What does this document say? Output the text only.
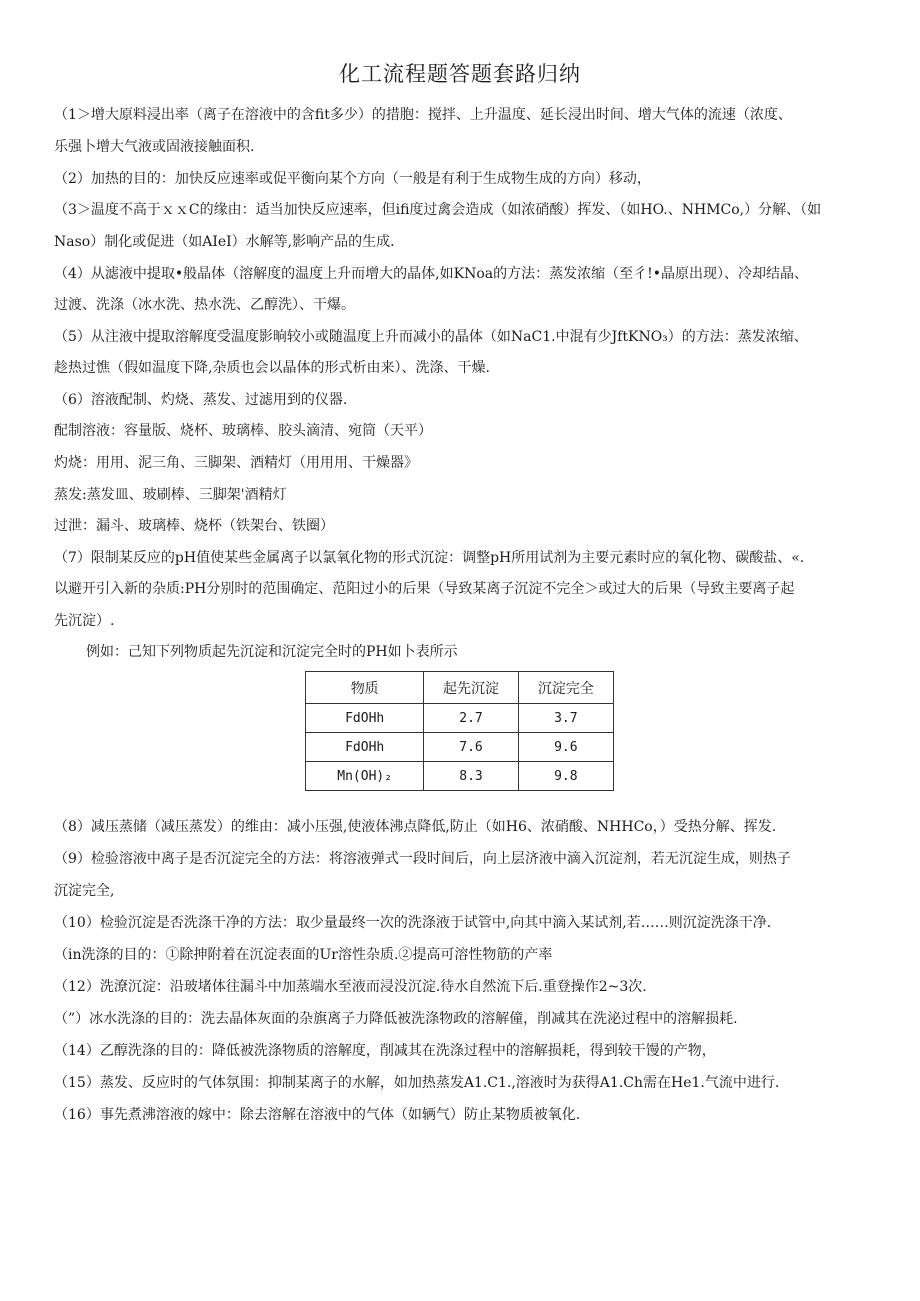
化工流程题答题套路归纳
（1＞增大原料浸出率（离子在溶液中的含fit多少）的措胞：搅拌、上升温度、延长浸出时间、增大气体的流速（浓度、
乐强卜增大气液或固液接触面积.
（2）加热的目的：加快反应速率或促平衡向某个方向（一般是有利于生成物生成的方向）移动，
（3＞温度不高于ｘｘC的缘由：适当加快反应速率，但ifi度过禽会造成（如浓硝酸）挥发、（如HO.、NHMCo,）分解、（如
Naso）制化或促进（如AIeI）水解等,影响产品的生成.
（4）从滤液中提取•般晶体（溶解度的温度上升而增大的晶体,如KNoa的方法：蒸发浓缩（至彳!•晶原出现）、冷却结晶、
过渡、洗涤（冰水洗、热水洗、乙醇洗）、干爆。
（5）从注液中提取溶解度受温度影晌较小或随温度上升而减小的晶体（如NaC1.中混有少JftKNO₃）的方法：蒸发浓缩、
趁热过憔（假如温度下降,杂质也会以晶体的形式析由来）、洗涤、干燥.
（6）溶液配制、灼烧、蒸发、过滤用到的仪器.
配制溶液：容量版、烧杯、玻璃棒、胶头滴清、宛筒（天平）
灼烧：用用、泥三角、三脚架、酒精灯（用用用、干燥器》
蒸发:蒸发皿、玻刷棒、三脚架'酒精灯
过泄：漏斗、玻璃棒、烧杯（铁架台、铁圈）
（7）限制某反应的pH值使某些金属离子以氯氧化物的形式沉淀：调整pH所用试剂为主要元素时应的氧化物、碳酸盐、«.
以避开引入新的杂质:PH分别时的范围确定、范阳过小的后果（导致某离子沉淀不完全＞或过大的后果（导致主要离子起
先沉淀）.
例如：己知下列物质起先沉淀和沉淀完全时的PH如卜表所示
物质	起先沉淀	沉淀完全
FdOHh	2.7	3.7
FdOHh	7.6	9.6
Mn(OH)₂	8.3	9.8
（8）减压蒸储（减压蒸发）的维由：减小压强,使液体沸点降低,防止（如H6、浓硝酸、NHHCo，）受热分解、挥发.
（9）检验溶液中离子是否沉淀完全的方法：将溶液弹式一段时间后，向上层济液中滴入沉淀剂，若无沉淀生成，则热子
沉淀完全,
（10）检验沉淀是否洗涤干净的方法：取少量最终一次的洗涤液于试管中,向其中滴入某试剂,若……则沉淀洗涤干净.
（in洗涤的目的：①除抻附着在沉淀表面的Ur溶性杂质.②提高可溶性物筋的产率
（12）洗潦沉淀：沿玻堵体往漏斗中加蒸端水至液而浸没沉淀.待水自然流下后.重登操作2~3次.
（”）冰水洗涤的目的：洗去晶体灰面的杂旗离子力降低被洗涤物政的溶解僮，削减其在洗泌过程中的溶解损耗.
（14）乙醇洗涤的目的：降低被洗涤物质的溶解度，削减其在洗涤过程中的溶解损耗，得到较干馒的产物，
（15）蒸发、反应时的气体氛围：抑制某离子的水解，如加热蒸发A1.C1.,溶液时为获得A1.Ch需在He1.气流中进行.
（16）事先煮沸溶液的嫁中：除去溶解在溶液中的气体（如辆气）防止某物质被氧化.
